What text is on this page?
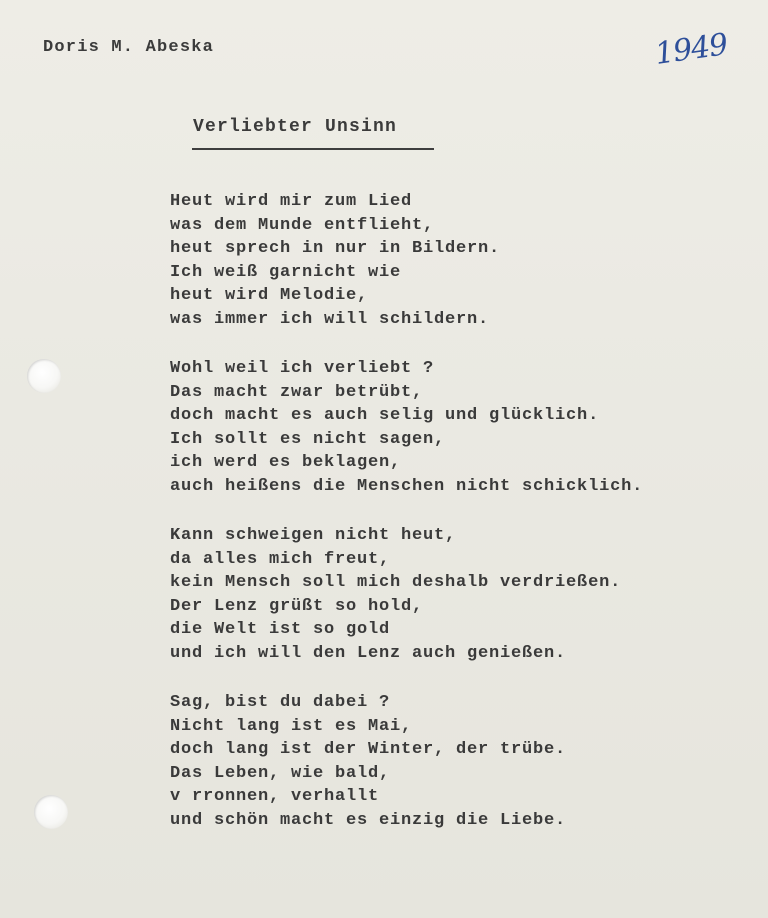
Doris M. Abeska	1949
Verliebter Unsinn
Heut wird mir zum Lied
was dem Munde entflieht,
heut sprech in nur in Bildern.
Ich weiß garnicht wie
heut wird Melodie,
was immer ich will schildern.
Wohl weil ich verliebt ?
Das macht zwar betrübt,
doch macht es auch selig und glücklich.
Ich sollt es nicht sagen,
ich werd es beklagen,
auch heißens die Menschen nicht schicklich.
Kann schweigen nicht heut,
da alles mich freut,
kein Mensch soll mich deshalb verdrießen.
Der Lenz grüßt so hold,
die Welt ist so gold
und ich will den Lenz auch genießen.
Sag, bist du dabei ?
Nicht lang ist es Mai,
doch lang ist der Winter, der trübe.
Das Leben, wie bald,
v rronnen, verhallt
und schön macht es einzig die Liebe.
